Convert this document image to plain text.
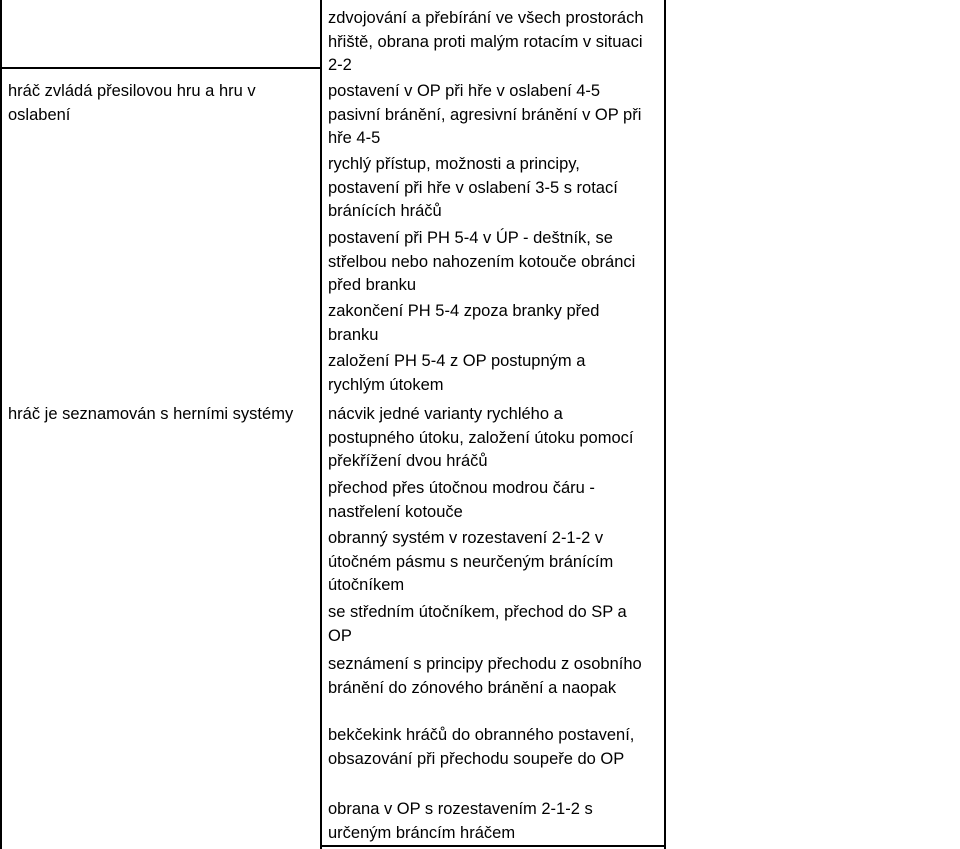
hráč zvládá přesilovou hru a hru v oslabení
hráč je seznamován s herními systémy
zdvojování a přebírání ve všech prostorách hřiště, obrana proti malým rotacím v situaci 2-2
postavení v OP při hře v oslabení 4-5 pasivní bránění, agresivní bránění v OP při hře 4-5
rychlý přístup, možnosti a principy, postavení při hře v oslabení 3-5 s rotací bránících hráčů
postavení při PH 5-4 v ÚP - deštník, se střelbou nebo nahozením kotouče obránci před branku
zakončení PH 5-4 zpoza branky před branku
založení PH 5-4 z OP postupným a rychlým útokem
nácvik jedné varianty rychlého a postupného útoku, založení útoku pomocí překřížení dvou hráčů
přechod přes útočnou modrou čáru -nastřelení kotouče
obranný systém v rozestavení 2-1-2 v útočném pásmu s neurčeným bránícím útočníkem
se středním útočníkem, přechod do SP a OP
seznámení s principy přechodu z osobního bránění do zónového bránění a naopak
bekčekink hráčů do obranného postavení, obsazování při přechodu soupeře do OP
obrana v OP s rozestavením 2-1-2 s určeným bráncím hráčem
